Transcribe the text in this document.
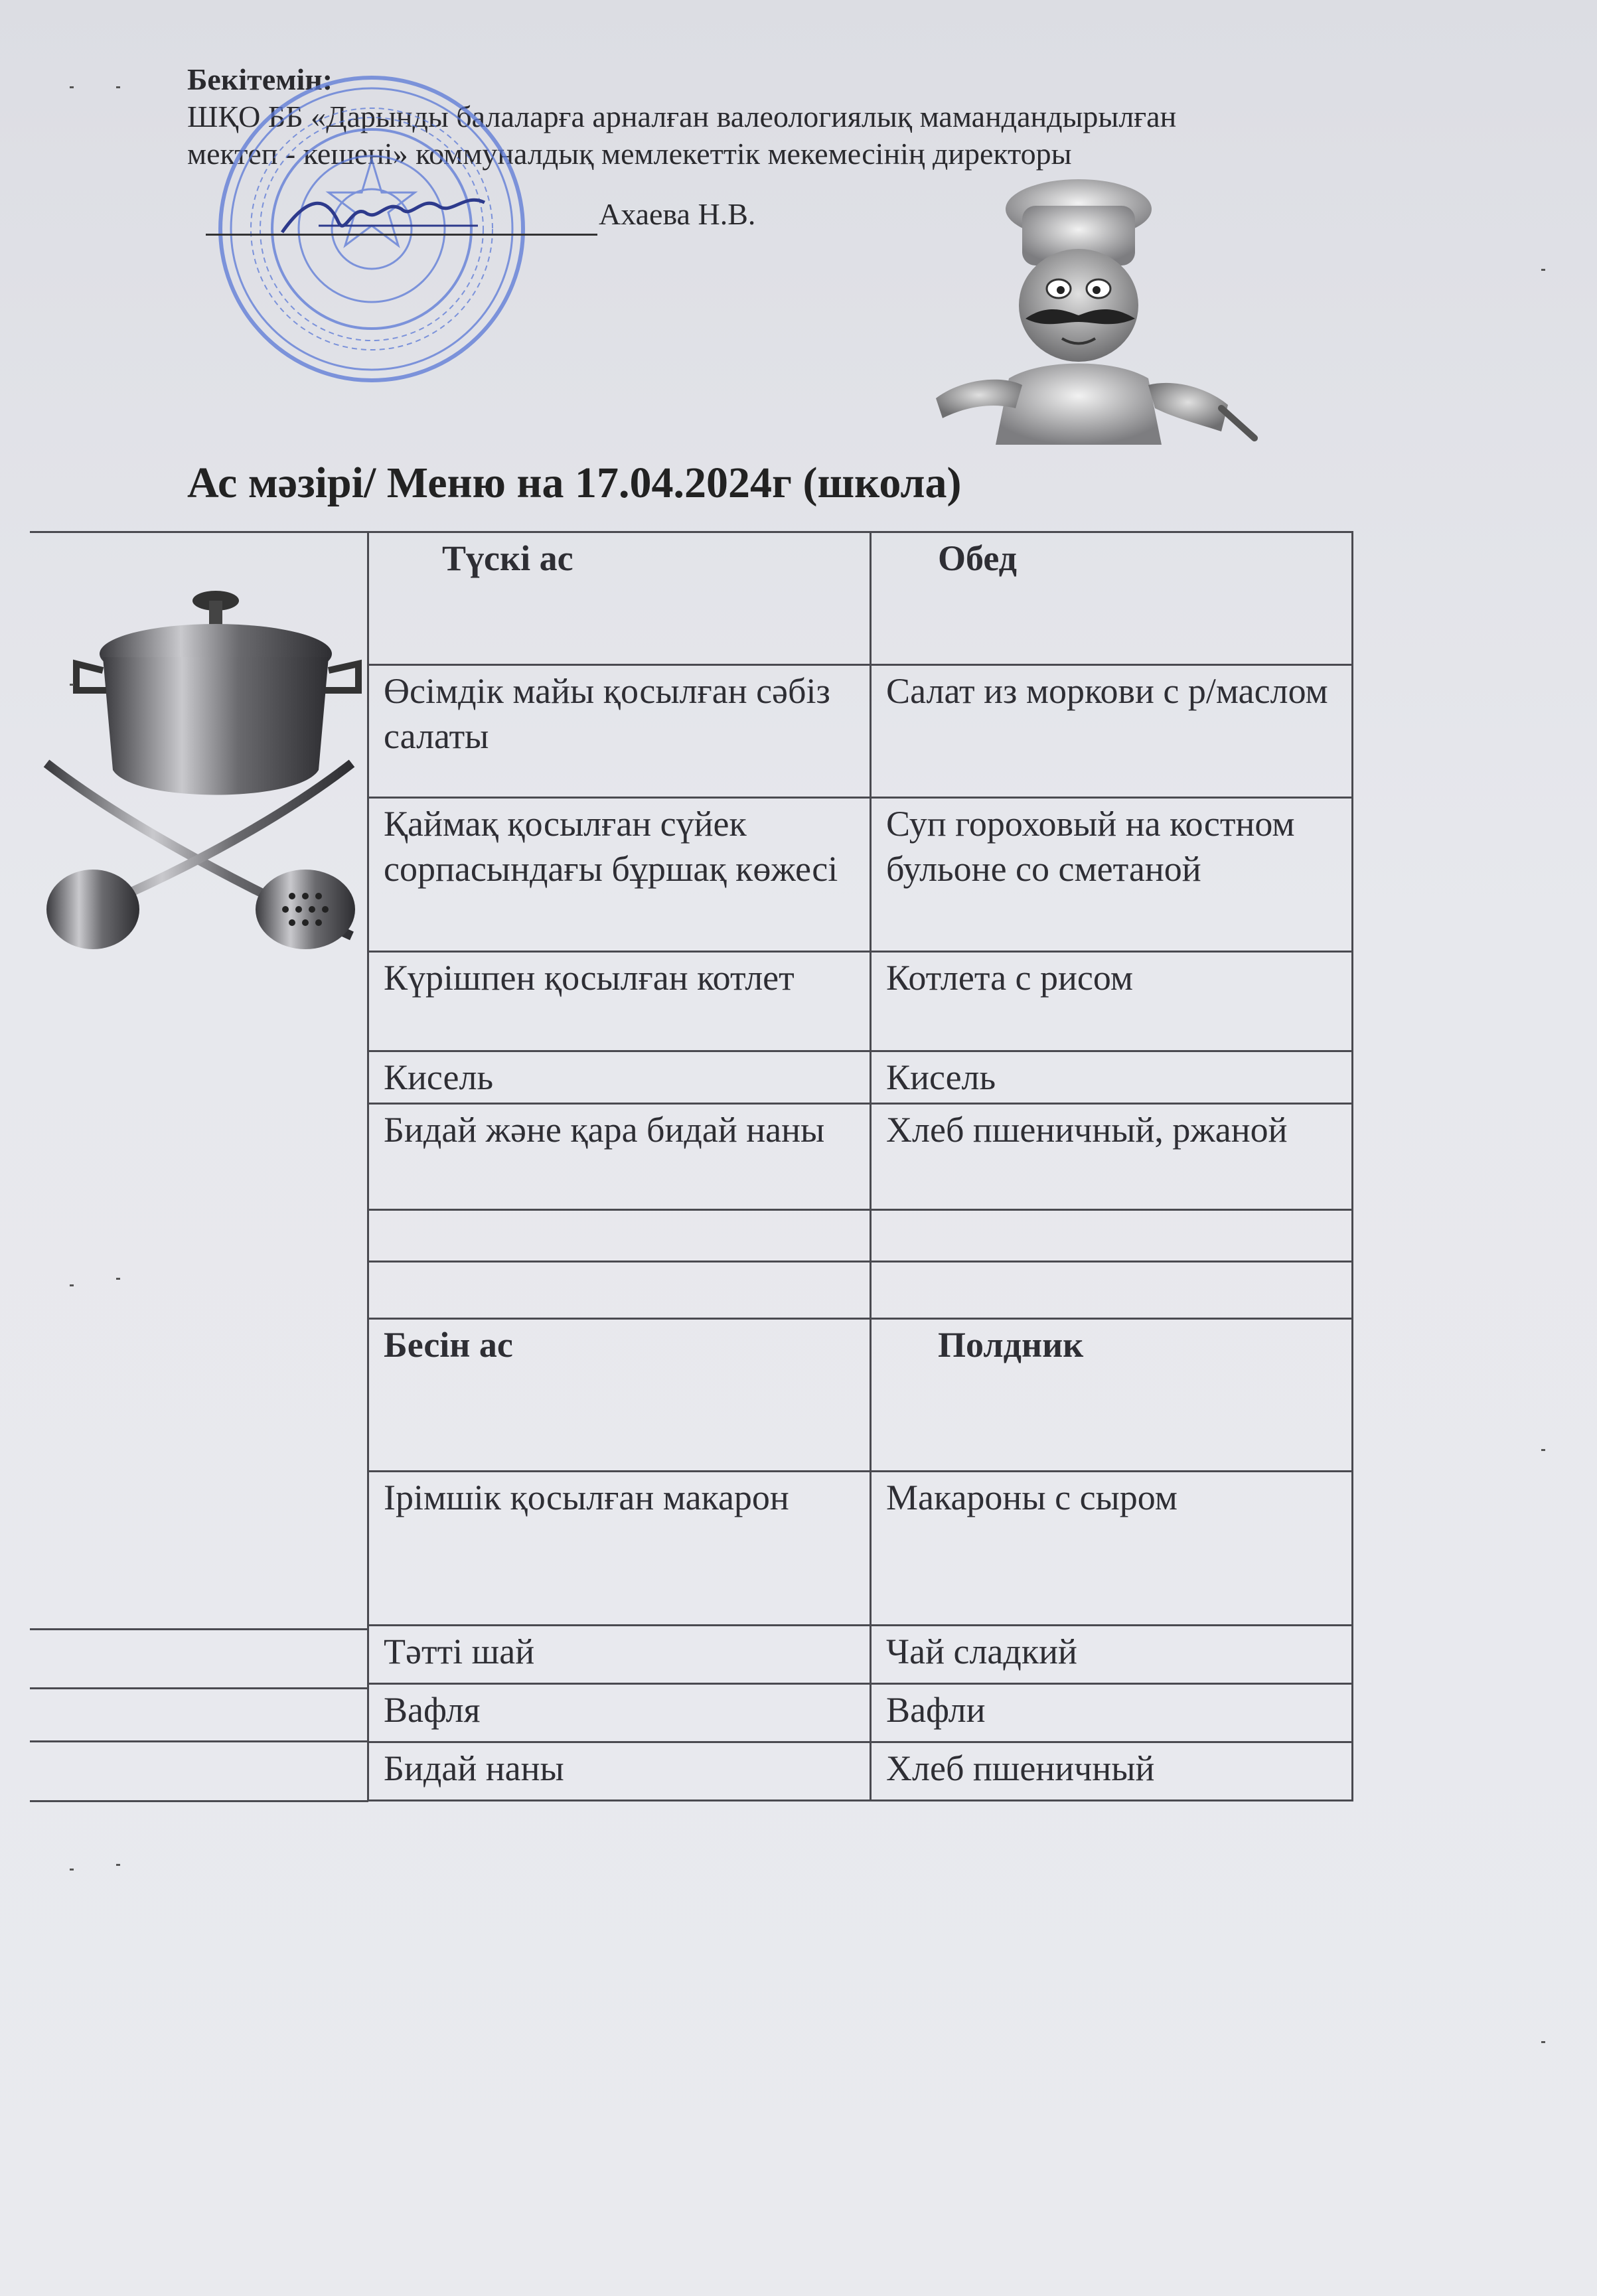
Бекітемін:
ШҚО ББ «Дарынды балаларға арналған валеологиялық мамандандырылған
мектеп - кешені» коммуналдық мемлекеттік мекемесінің директоры
Ахаева Н.В.
Ас мәзірі/ Меню на 17.04.2024г (школа)
Түскі ас	Обед
Өсімдік майы қосылған сәбіз салаты	Салат из моркови с р/маслом
Қаймақ қосылған сүйек сорпасындағы бұршақ көжесі	Суп гороховый на костном бульоне со сметаной
Күрішпен қосылған котлет	Котлета с рисом
Кисель	Кисель
Бидай және қара бидай наны	Хлеб пшеничный, ржаной

Бесін ас	Полдник
Ірімшік қосылған макарон	Макароны с сыром
Тәтті шай	Чай сладкий
Вафля	Вафли
Бидай наны	Хлеб пшеничный
